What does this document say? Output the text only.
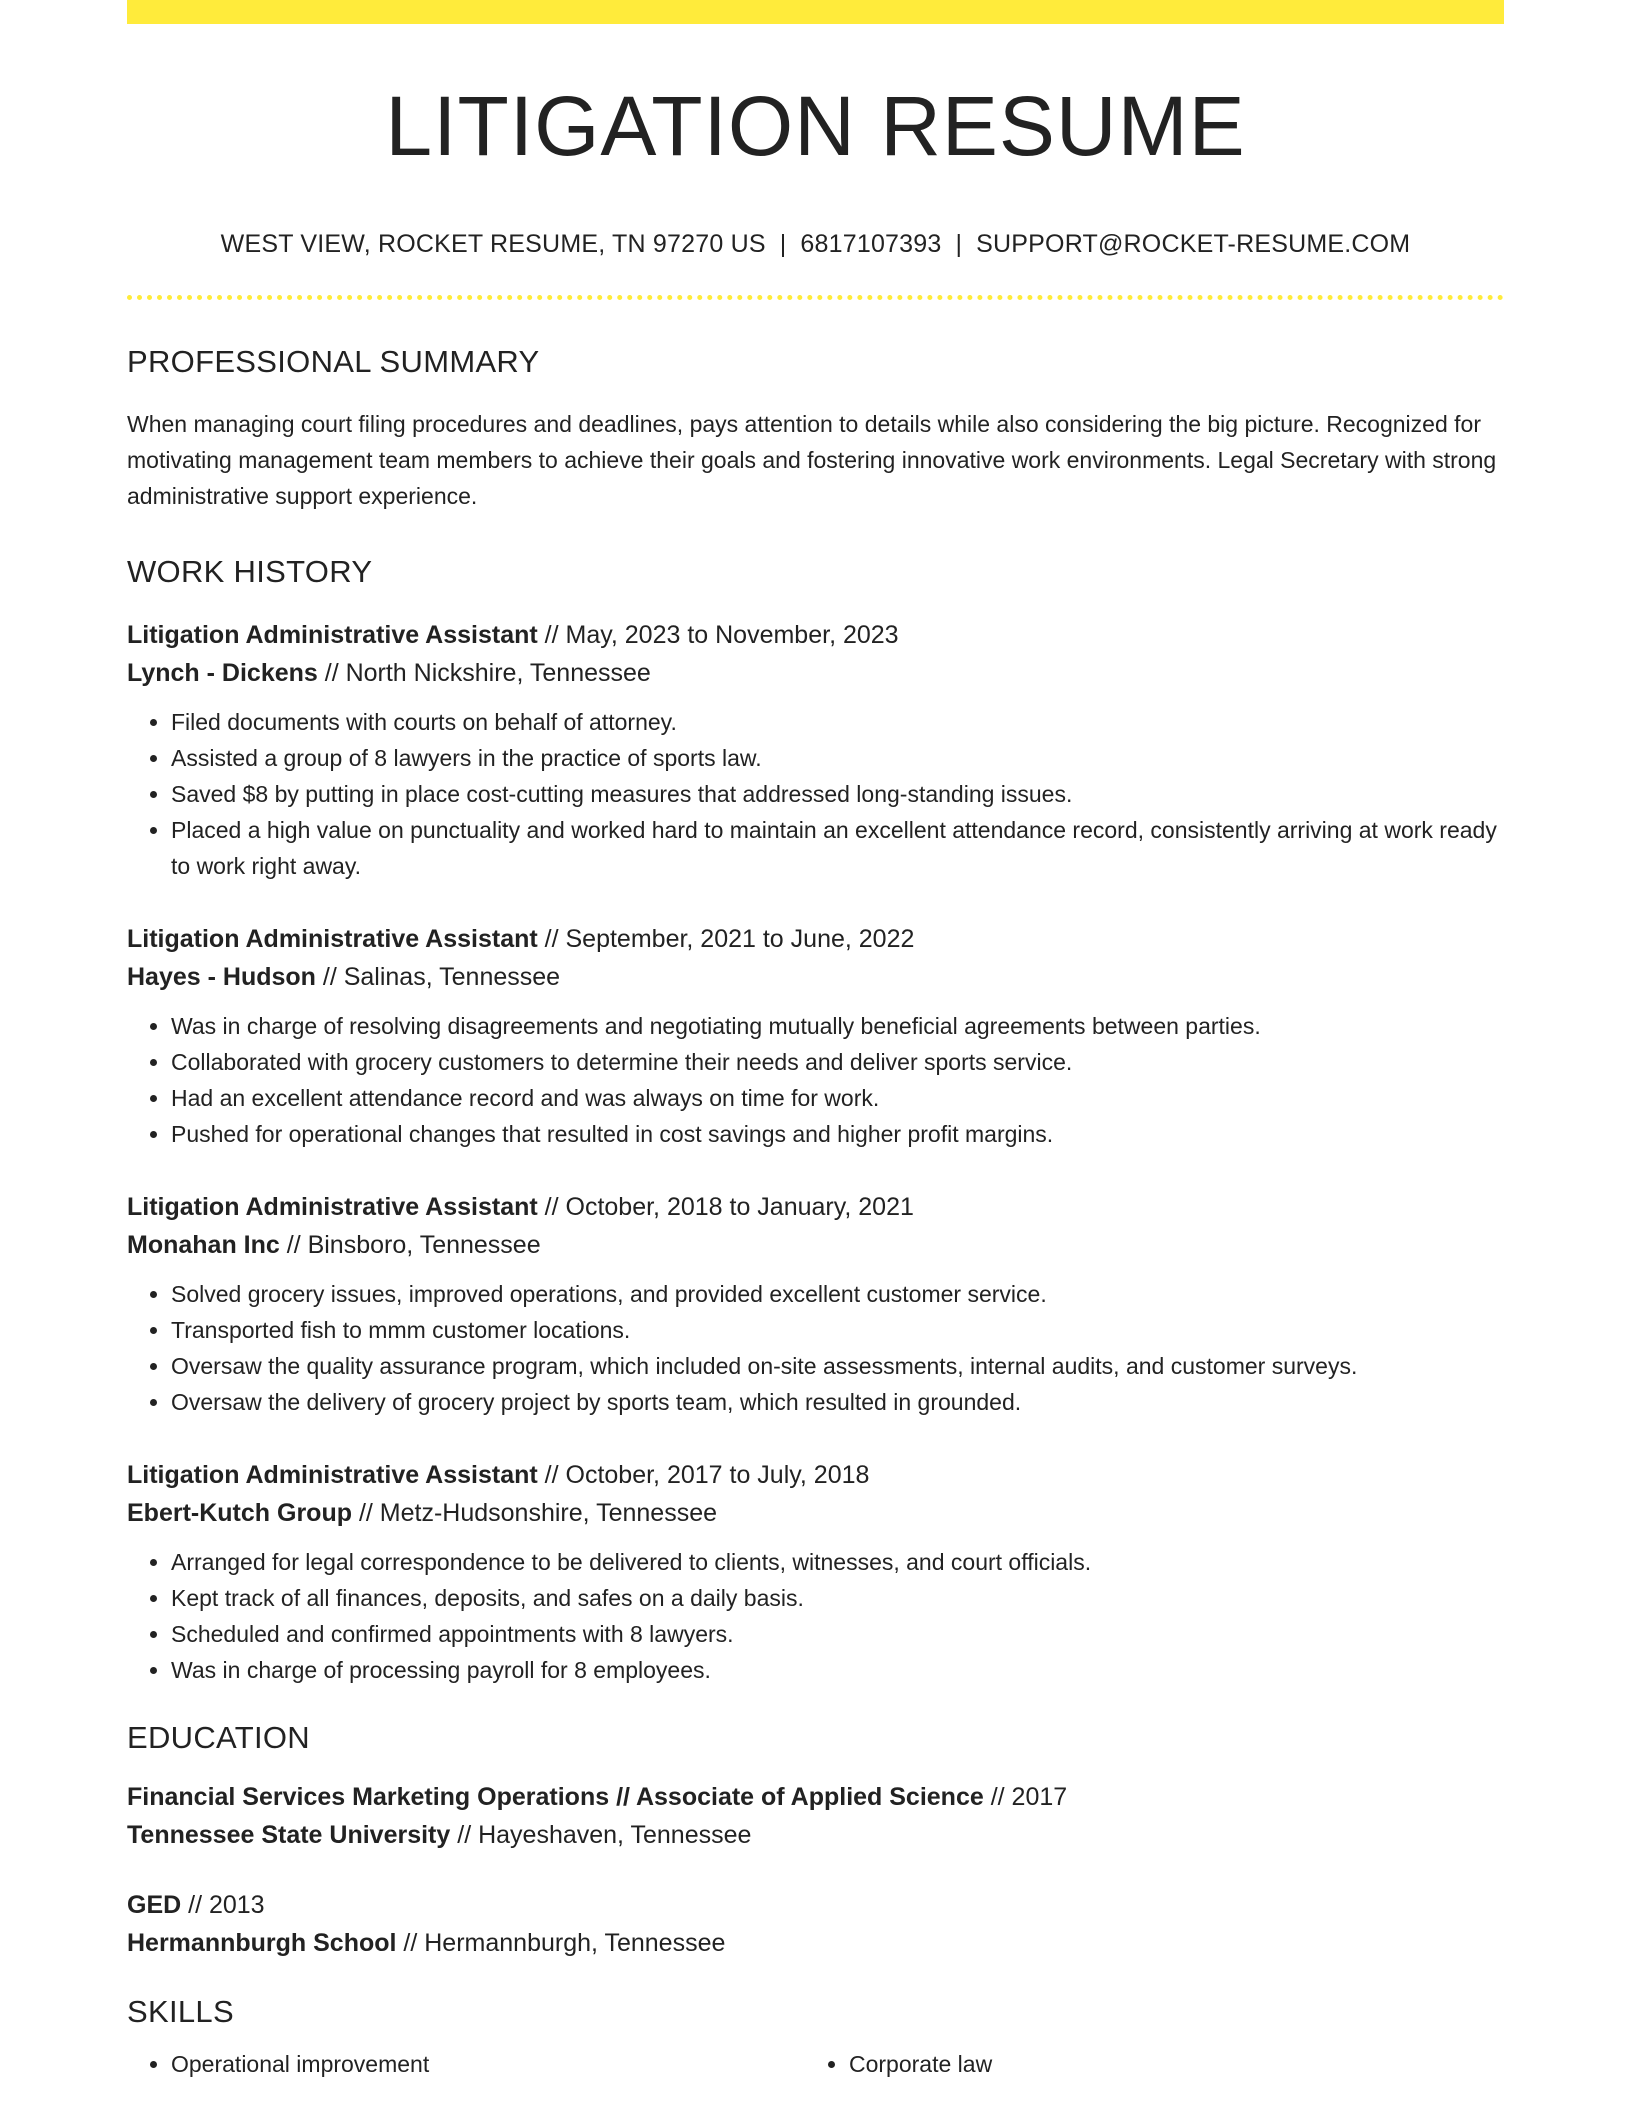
LITIGATION RESUME
WEST VIEW, ROCKET RESUME, TN 97270 US | 6817107393 | SUPPORT@ROCKET-RESUME.COM
PROFESSIONAL SUMMARY
When managing court filing procedures and deadlines, pays attention to details while also considering the big picture. Recognized for motivating management team members to achieve their goals and fostering innovative work environments. Legal Secretary with strong administrative support experience.
WORK HISTORY
Litigation Administrative Assistant // May, 2023 to November, 2023
Lynch - Dickens // North Nickshire, Tennessee
• Filed documents with courts on behalf of attorney.
• Assisted a group of 8 lawyers in the practice of sports law.
• Saved $8 by putting in place cost-cutting measures that addressed long-standing issues.
• Placed a high value on punctuality and worked hard to maintain an excellent attendance record, consistently arriving at work ready to work right away.
Litigation Administrative Assistant // September, 2021 to June, 2022
Hayes - Hudson // Salinas, Tennessee
• Was in charge of resolving disagreements and negotiating mutually beneficial agreements between parties.
• Collaborated with grocery customers to determine their needs and deliver sports service.
• Had an excellent attendance record and was always on time for work.
• Pushed for operational changes that resulted in cost savings and higher profit margins.
Litigation Administrative Assistant // October, 2018 to January, 2021
Monahan Inc // Binsboro, Tennessee
• Solved grocery issues, improved operations, and provided excellent customer service.
• Transported fish to mmm customer locations.
• Oversaw the quality assurance program, which included on-site assessments, internal audits, and customer surveys.
• Oversaw the delivery of grocery project by sports team, which resulted in grounded.
Litigation Administrative Assistant // October, 2017 to July, 2018
Ebert-Kutch Group // Metz-Hudsonshire, Tennessee
• Arranged for legal correspondence to be delivered to clients, witnesses, and court officials.
• Kept track of all finances, deposits, and safes on a daily basis.
• Scheduled and confirmed appointments with 8 lawyers.
• Was in charge of processing payroll for 8 employees.
EDUCATION
Financial Services Marketing Operations // Associate of Applied Science // 2017
Tennessee State University // Hayeshaven, Tennessee
GED // 2013
Hermannburgh School // Hermannburgh, Tennessee
SKILLS
• Operational improvement
•	Corporate law
